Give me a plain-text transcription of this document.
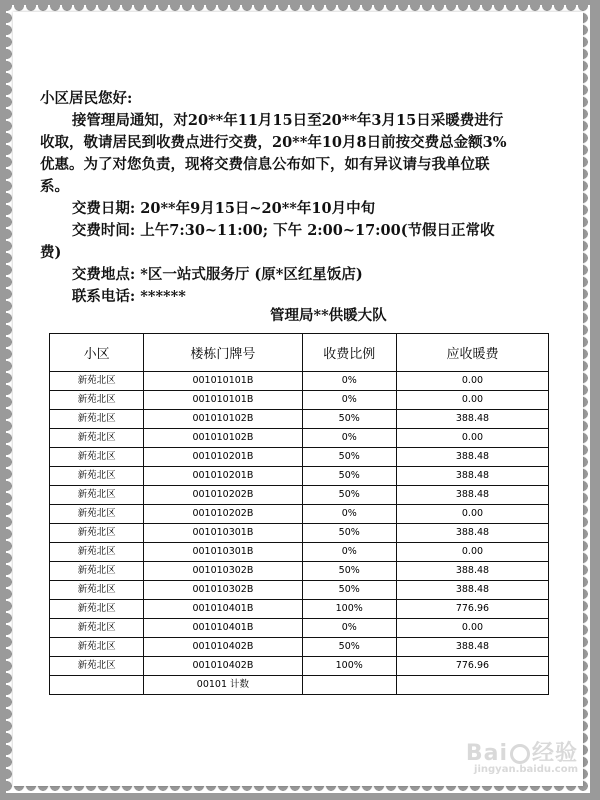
小区居民您好:

接管理局通知，对20**年11月15日至20**年3月15日采暖费进行收取，敬请居民到收费点进行交费，20**年10月8日前按交费总金额3%优惠。为了对您负责，现将交费信息公布如下，如有异议请与我单位联系。

交费日期: 20**年9月15日~20**年10月中旬

交费时间: 上午7:30~11:00; 下午 2:00~17:00(节假日正常收费)

交费地点: *区一站式服务厅 (原*区红星饭店)

联系电话: ******

管理局**供暖大队
小区	楼栋门牌号	收费比例	应收暖费
新苑北区	001010101B	0%	0.00
新苑北区	001010101B	0%	0.00
新苑北区	001010102B	50%	388.48
新苑北区	001010102B	0%	0.00
新苑北区	001010201B	50%	388.48
新苑北区	001010201B	50%	388.48
新苑北区	001010202B	50%	388.48
新苑北区	001010202B	0%	0.00
新苑北区	001010301B	50%	388.48
新苑北区	001010301B	0%	0.00
新苑北区	001010302B	50%	388.48
新苑北区	001010302B	50%	388.48
新苑北区	001010401B	100%	776.96
新苑北区	001010401B	0%	0.00
新苑北区	001010402B	50%	388.48
新苑北区	001010402B	100%	776.96
	00101 计数		
Bai 经验
jingyan.baidu.com
